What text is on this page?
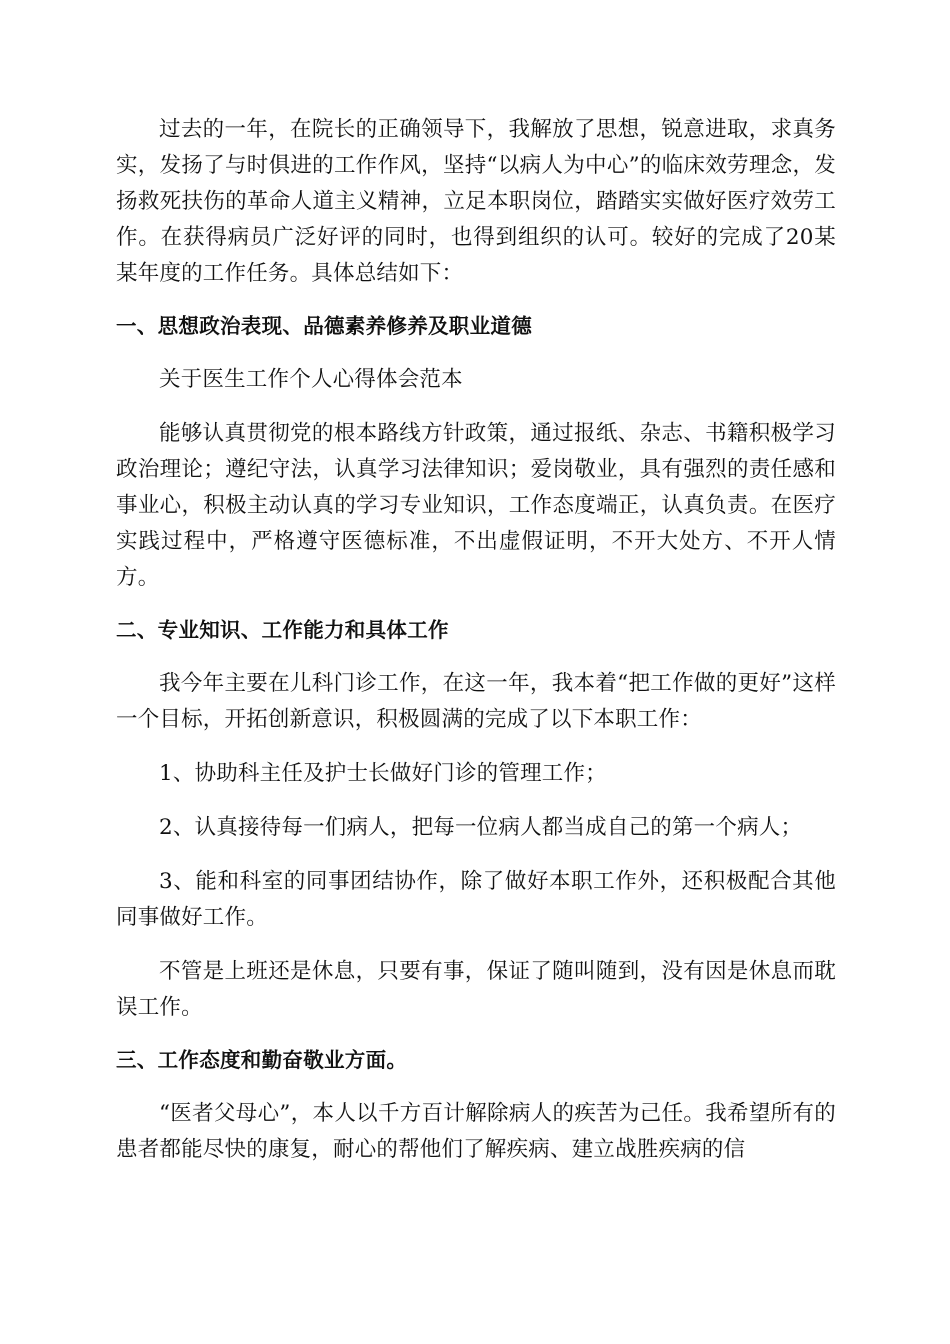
过去的一年，在院长的正确领导下，我解放了思想，锐意进取，求真务实，发扬了与时俱进的工作作风，坚持“以病人为中心”的临床效劳理念，发扬救死扶伤的革命人道主义精神，立足本职岗位，踏踏实实做好医疗效劳工作。在获得病员广泛好评的同时，也得到组织的认可。较好的完成了20某某年度的工作任务。具体总结如下：

一、思想政治表现、品德素养修养及职业道德

关于医生工作个人心得体会范本

能够认真贯彻党的根本路线方针政策，通过报纸、杂志、书籍积极学习政治理论；遵纪守法，认真学习法律知识；爱岗敬业，具有强烈的责任感和事业心，积极主动认真的学习专业知识，工作态度端正，认真负责。在医疗实践过程中，严格遵守医德标准，不出虚假证明，不开大处方、不开人情方。

二、专业知识、工作能力和具体工作

我今年主要在儿科门诊工作，在这一年，我本着“把工作做的更好”这样一个目标，开拓创新意识，积极圆满的完成了以下本职工作：

1、协助科主任及护士长做好门诊的管理工作；

2、认真接待每一们病人，把每一位病人都当成自己的第一个病人；

3、能和科室的同事团结协作，除了做好本职工作外，还积极配合其他同事做好工作。

不管是上班还是休息，只要有事，保证了随叫随到，没有因是休息而耽误工作。

三、工作态度和勤奋敬业方面。

“医者父母心”，本人以千方百计解除病人的疾苦为己任。我希望所有的患者都能尽快的康复，耐心的帮他们了解疾病、建立战胜疾病的信
